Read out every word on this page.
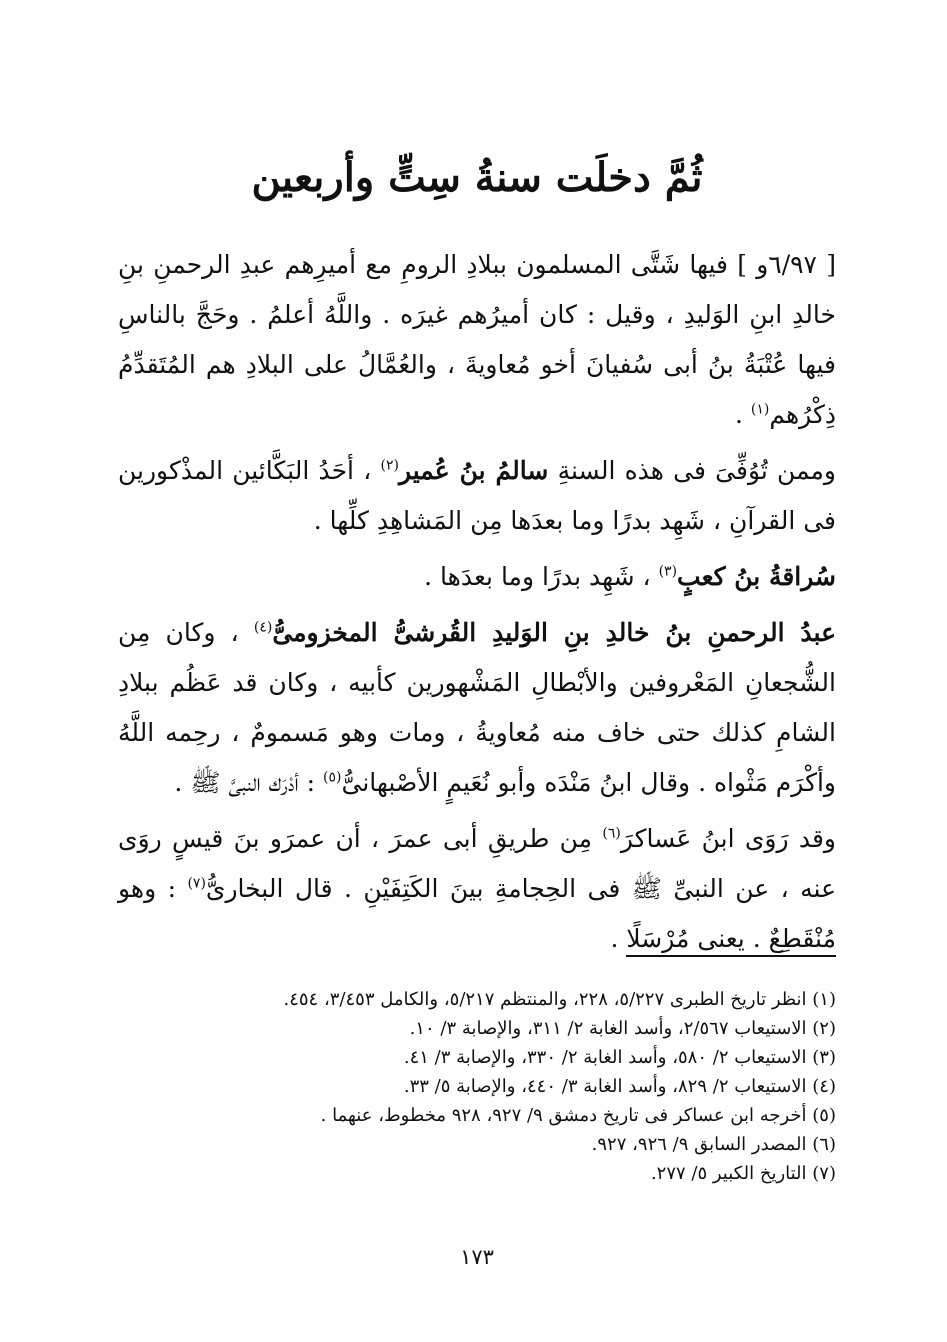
ثُمَّ دخلَت سنةُ سِتٍّ وأربعين

[ ٦/٩٧و ] فيها شَتَّى المسلمون ببلادِ الرومِ مع أميرِهم عبدِ الرحمنِ بنِ خالدِ ابنِ الوَليدِ ، وقيل : كان أميرُهم غيرَه . واللَّهُ أعلمُ . وحَجَّ بالناسِ فيها عُتْبَةُ بنُ أبى سُفيانَ أخو مُعاويةَ ، والعُمَّالُ على البلادِ هم المُتَقدِّمُ ذِكْرُهم$^{(١)}$ .

وممن تُوُفِّىَ فى هذه السنةِ سالمُ بنُ عُمير$^{(٢)}$ ، أحَدُ البَكَّائين المذْكورين فى القرآنِ ، شَهِد بدرًا وما بعدَها مِن المَشاهِدِ كلِّها .

سُراقةُ بنُ كعبٍ$^{(٣)}$ ، شَهِد بدرًا وما بعدَها .

عبدُ الرحمنِ بنُ خالدِ بنِ الوَليدِ القُرشىُّ المخزومىُّ$^{(٤)}$ ، وكان مِن الشُّجعانِ المَعْروفين والأبْطالِ المَشْهورين كأبيه ، وكان قد عَظُم ببلادِ الشامِ كذلك حتى خاف منه مُعاويةُ ، ومات وهو مَسمومٌ ، رحِمه اللَّهُ وأكْرَم مَثْواه . وقال ابنُ مَنْدَه وأبو نُعَيمٍ الأصْبهانىُّ$^{(٥)}$ : أدْرَك النبىَّ ﷺ .

وقد رَوَى ابنُ عَساكرَ$^{(٦)}$ مِن طريقِ أبى عمرَ ، أن عمرَو بنَ قيسٍ روَى عنه ، عن النبىِّ ﷺ فى الحِجامةِ بينَ الكَتِفَيْنِ . قال البخارىُّ$^{(٧)}$ : وهو مُنْقَطِعٌ . يعنى مُرْسَلًا .

(١) انظر تاريخ الطبرى ٥/٢٢٧، ٢٢٨، والمنتظم ٥/٢١٧، والكامل ٣/٤٥٣، ٤٥٤.
(٢) الاستيعاب ٢/٥٦٧، وأسد الغابة ٢/ ٣١١، والإصابة ٣/ ١٠.
(٣) الاستيعاب ٢/ ٥٨٠، وأسد الغابة ٢/ ٣٣٠، والإصابة ٣/ ٤١.
(٤) الاستيعاب ٢/ ٨٢٩، وأسد الغابة ٣/ ٤٤٠، والإصابة ٥/ ٣٣.
(٥) أخرجه ابن عساكر فى تاريخ دمشق ٩/ ٩٢٧، ٩٢٨ مخطوط، عنهما .
(٦) المصدر السابق ٩/ ٩٢٦، ٩٢٧.
(٧) التاريخ الكبير ٥/ ٢٧٧.
١٧٣
